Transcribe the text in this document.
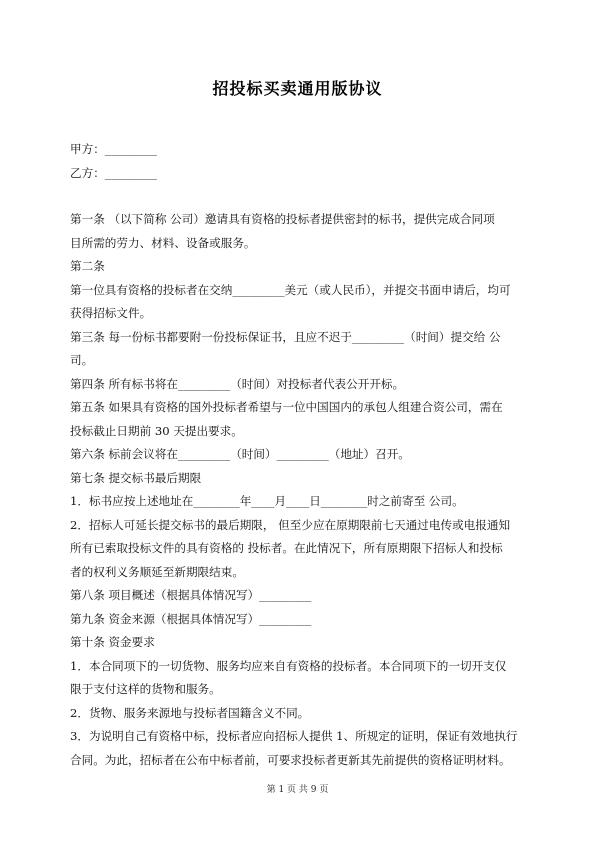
招投标买卖通用版协议
甲方：_________
乙方：_________
第一条 （以下简称 公司）邀请具有资格的投标者提供密封的标书，提供完成合同项
目所需的劳力、材料、设备或服务。
第二条
第一位具有资格的投标者在交纳_________美元（或人民币），并提交书面申请后，均可
获得招标文件。
第三条 每一份标书都要附一份投标保证书，且应不迟于_________（时间）提交给 公
司。
第四条 所有标书将在_________（时间）对投标者代表公开开标。
第五条 如果具有资格的国外投标者希望与一位中国国内的承包人组建合资公司，需在
投标截止日期前 30 天提出要求。
第六条 标前会议将在_________（时间）_________（地址）召开。
第七条 提交标书最后期限
1．标书应按上述地址在________年____月____日________时之前寄至 公司。
2．招标人可延长提交标书的最后期限， 但至少应在原期限前七天通过电传或电报通知
所有已索取投标文件的具有资格的 投标者。在此情况下，所有原期限下招标人和投标
者的权利义务顺延至新期限结束。
第八条 项目概述（根据具体情况写）_________
第九条 资金来源（根据具体情况写）_________
第十条 资金要求
1．本合同项下的一切货物、服务均应来自有资格的投标者。本合同项下的一切开支仅
限于支付这样的货物和服务。
2．货物、服务来源地与投标者国籍含义不同。
3．为说明自己有资格中标，投标者应向招标人提供 1、所规定的证明，保证有效地执行
合同。为此，招标者在公布中标者前，可要求投标者更新其先前提供的资格证明材料。
第 1 页 共 9 页
